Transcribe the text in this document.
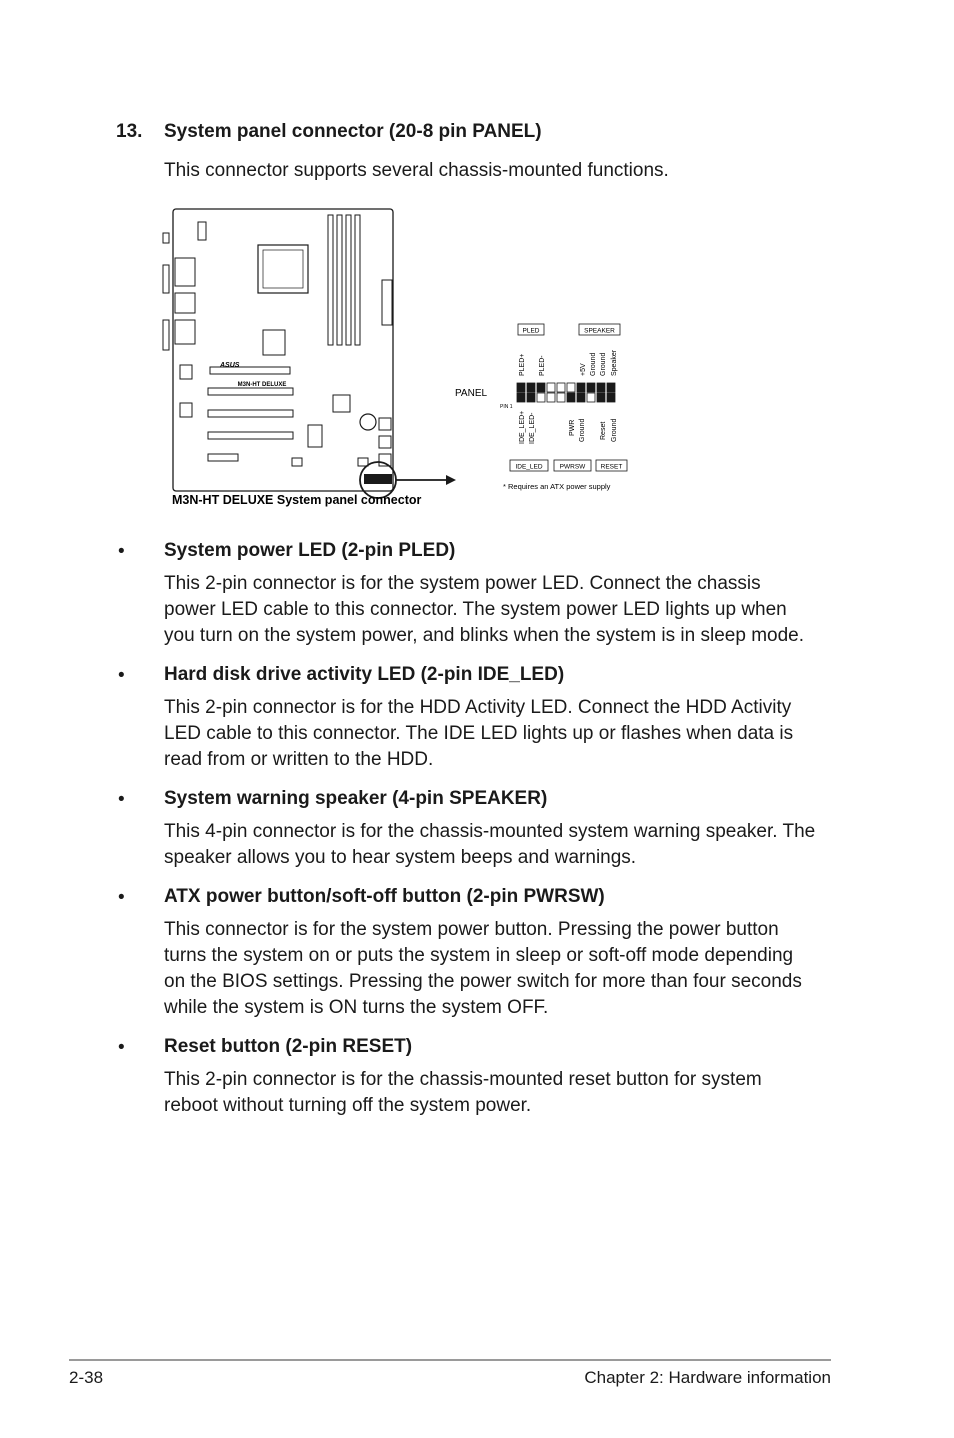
13. System panel connector (20-8 pin PANEL)
This connector supports several chassis-mounted functions.
ASUS
M3N-HT DELUXE
M3N-HT DELUXE System panel connector
PANEL
PIN 1
PLED	SPEAKER
PLED+ PLED-	+5V Ground Ground Speaker
IDE_LED+ IDE_LED-	PWR Ground Reset Ground
IDE_LED	PWRSW RESET
* Requires an ATX power supply
• System power LED (2-pin PLED)
This 2-pin connector is for the system power LED. Connect the chassis
power LED cable to this connector. The system power LED lights up when
you turn on the system power, and blinks when the system is in sleep mode.
• Hard disk drive activity LED (2-pin IDE_LED)
This 2-pin connector is for the HDD Activity LED. Connect the HDD Activity
LED cable to this connector. The IDE LED lights up or flashes when data is
read from or written to the HDD.
• System warning speaker (4-pin SPEAKER)
This 4-pin connector is for the chassis-mounted system warning speaker. The
speaker allows you to hear system beeps and warnings.
• ATX power button/soft-off button (2-pin PWRSW)
This connector is for the system power button. Pressing the power button
turns the system on or puts the system in sleep or soft-off mode depending
on the BIOS settings. Pressing the power switch for more than four seconds
while the system is ON turns the system OFF.
• Reset button (2-pin RESET)
This 2-pin connector is for the chassis-mounted reset button for system
reboot without turning off the system power.
2-38	Chapter 2: Hardware information
